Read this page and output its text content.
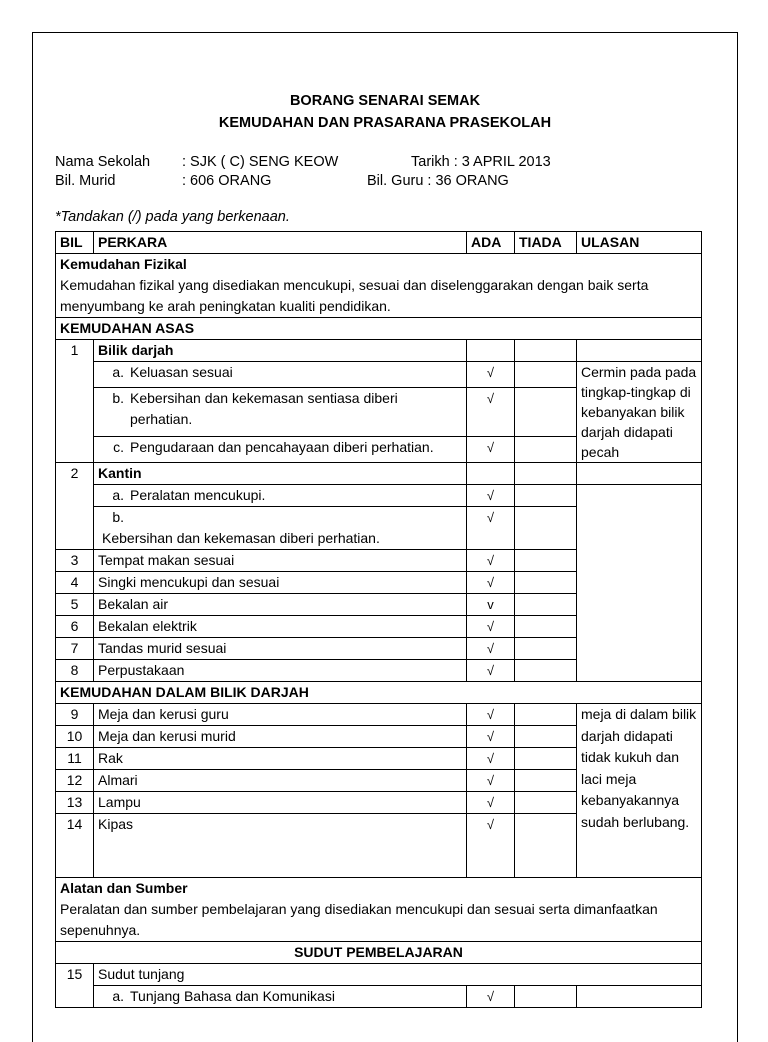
BORANG SENARAI SEMAK
KEMUDAHAN DAN PRASARANA PRASEKOLAH
Nama Sekolah : SJK ( C) SENG KEOW	Tarikh : 3 APRIL 2013
Bil. Murid	: 606 ORANG	Bil. Guru : 36 ORANG
*Tandakan (/) pada yang berkenaan.
BIL	PERKARA	ADA	TIADA	ULASAN

Kemudahan Fizikal
Kemudahan fizikal yang disediakan mencukupi, sesuai dan diselenggarakan dengan baik serta menyumbang ke arah peningkatan kualiti pendidikan.				

KEMUDAHAN ASAS				
1	Bilik darjah			
	a. Keluasan sesuai	√		Cermin pada pada tingkap-tingkap di kebanyakan bilik darjah didapati pecah
	b. Kebersihan dan kekemasan sentiasa diberi perhatian.	√		
	c. Pengudaraan dan pencahayaan diberi perhatian.	√		
2	Kantin			
	a. Peralatan mencukupi.	√		
	b.Kebersihan dan kekemasan diberi perhatian.	√		
3	Tempat makan sesuai	√		
4	Singki mencukupi dan sesuai	√		
5	Bekalan air	v		
6	Bekalan elektrik	√		
7	Tandas murid sesuai	√		
8	Perpustakaan	√		
KEMUDAHAN DALAM BILIK DARJAH				
9	Meja dan kerusi guru	√		meja di dalam bilik darjah didapati tidak kukuh dan laci meja kebanyakannya sudah berlubang.
10	Meja dan kerusi murid	√		
11	Rak	√		
12	Almari	√		
13	Lampu	√		
14	Kipas	√		

Alatan dan Sumber
Peralatan dan sumber pembelajaran yang disediakan mencukupi dan sesuai serta dimanfaatkan sepenuhnya.				

SUDUT PEMBELAJARAN				
15	Sudut tunjang			
	a. Tunjang Bahasa dan Komunikasi	√		
